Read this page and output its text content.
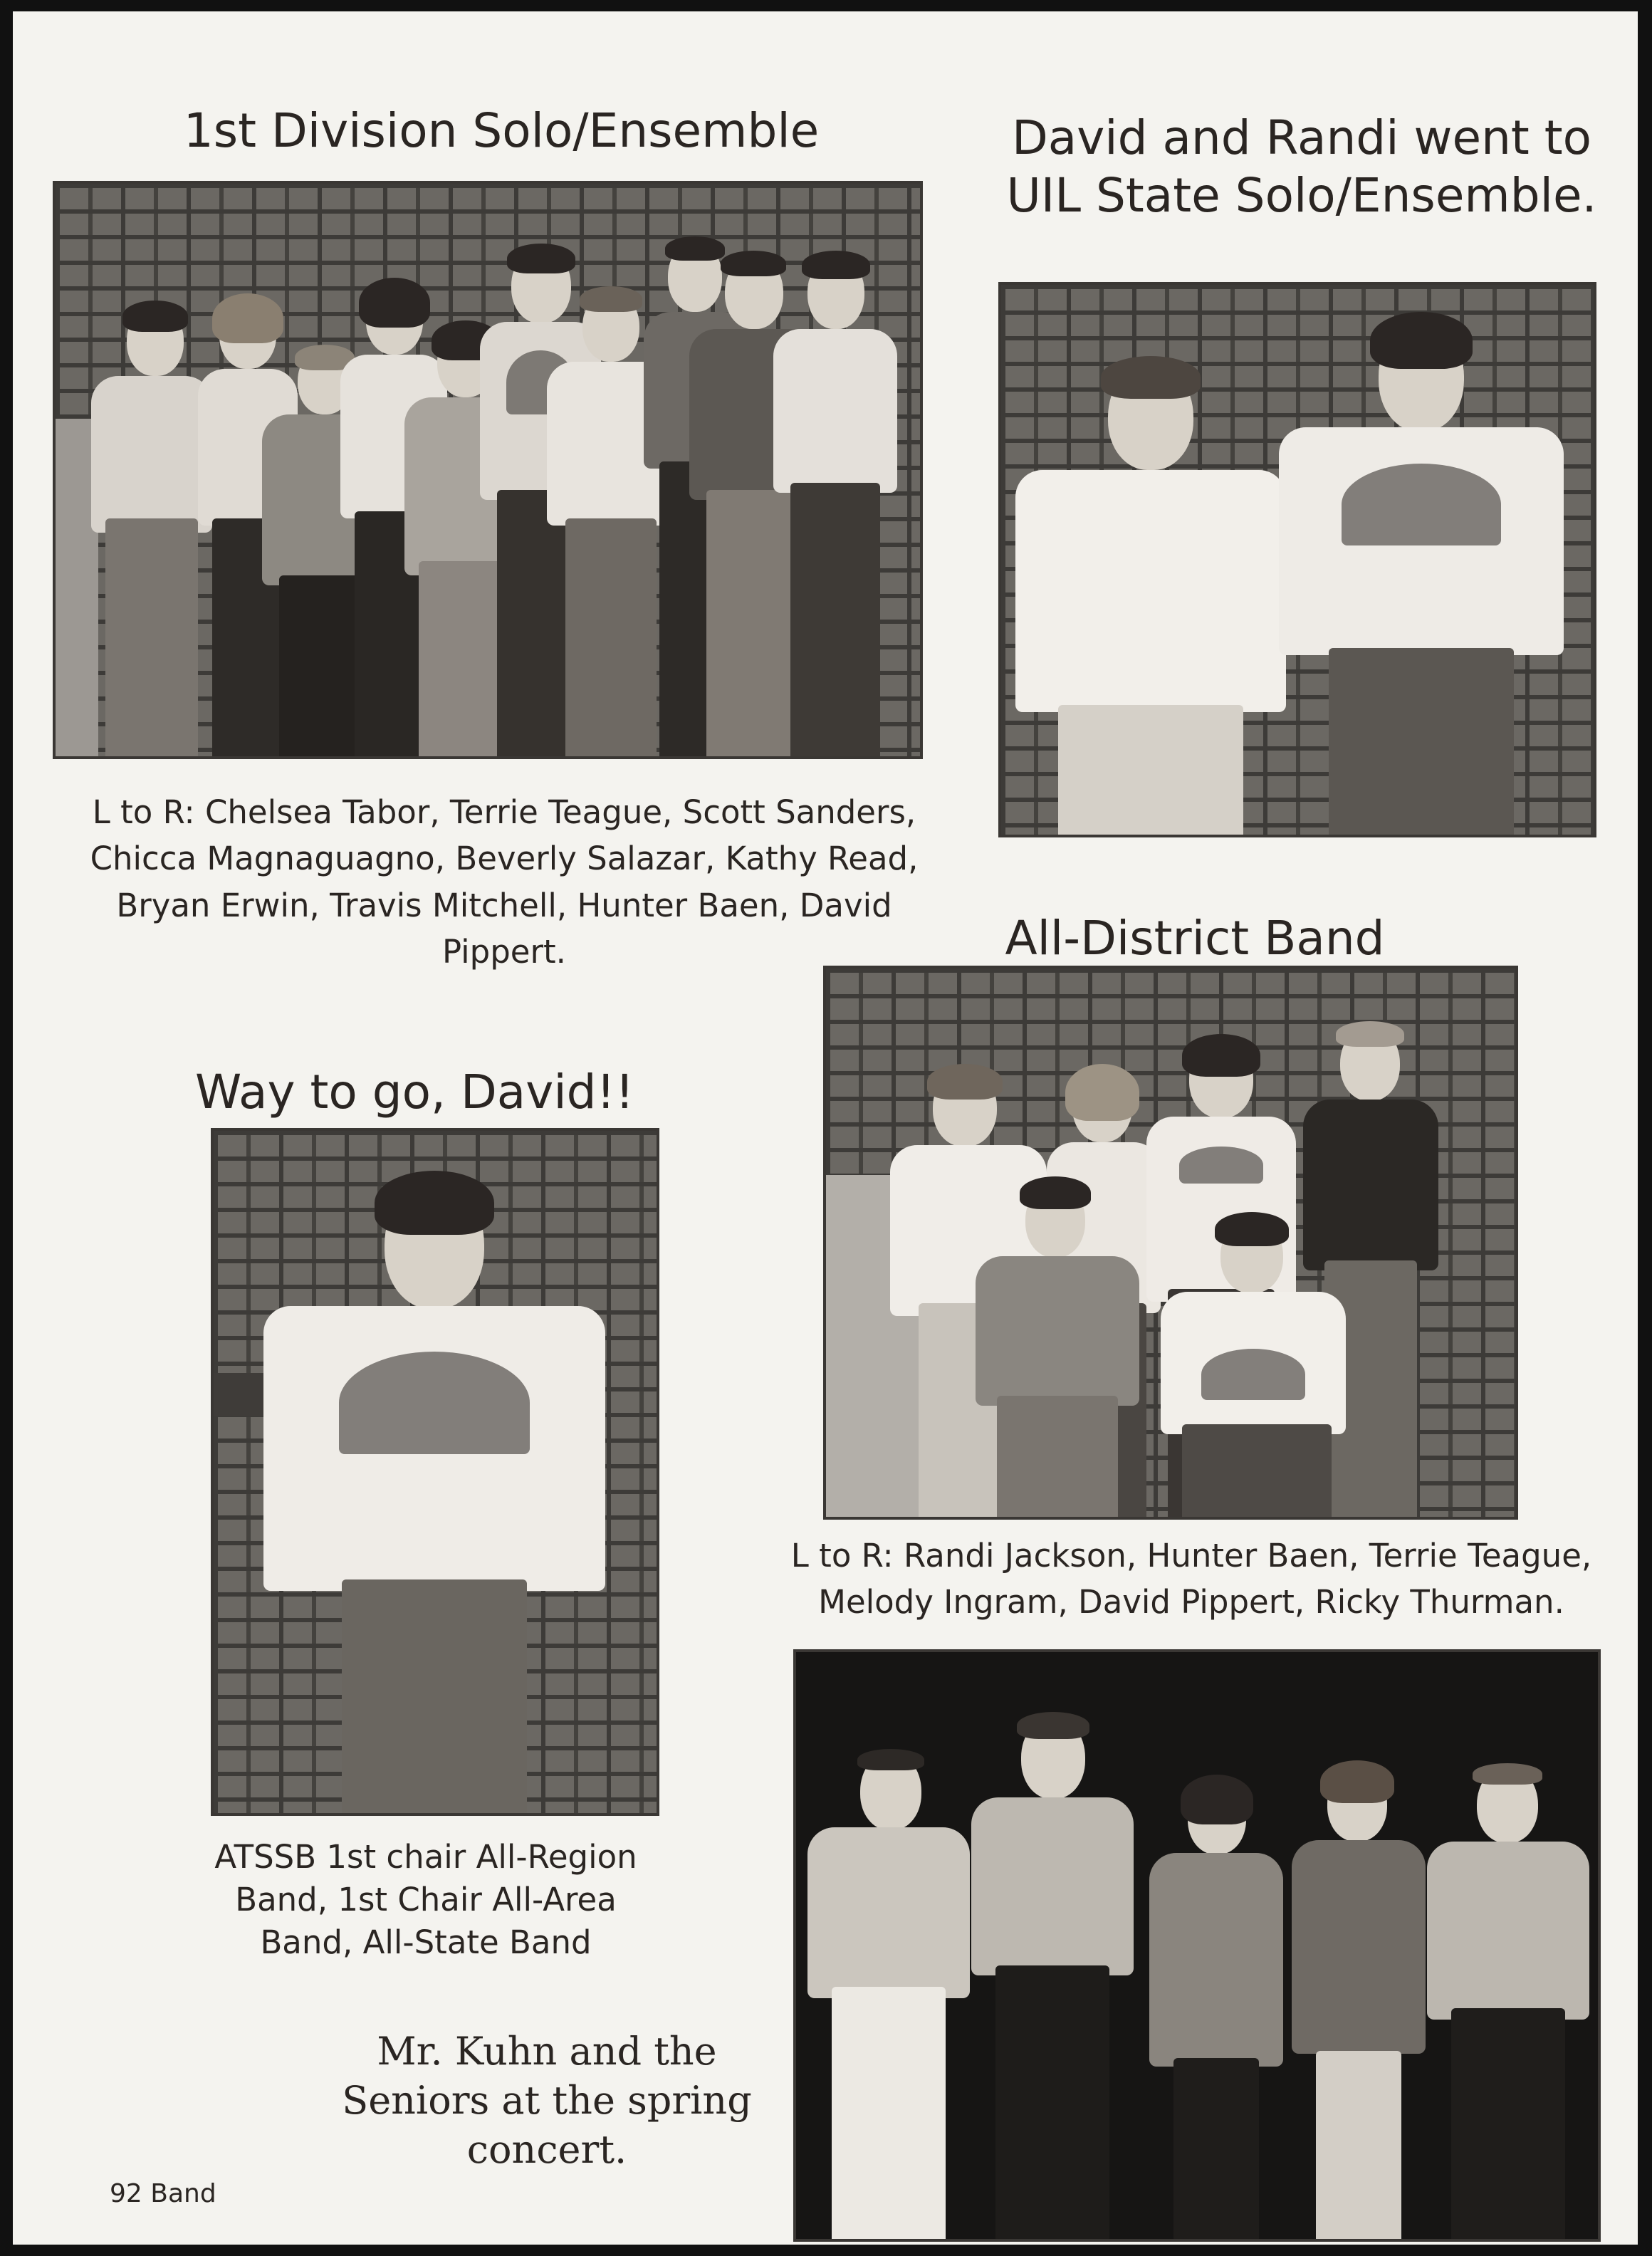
1st Division Solo/Ensemble	David and Randi went to UIL State Solo/Ensemble.
All-District Band
Way to go, David!!
L to R: Chelsea Tabor, Terrie Teague, Scott Sanders, Chicca Magnaguagno, Beverly Salazar, Kathy Read, Bryan Erwin, Travis Mitchell, Hunter Baen, David Pippert.
L to R: Randi Jackson, Hunter Baen, Terrie Teague, Melody Ingram, David Pippert, Ricky Thurman.
ATSSB 1st chair All-Region Band, 1st Chair All-Area Band, All-State Band
Mr. Kuhn and the Seniors at the spring concert.
92 Band
